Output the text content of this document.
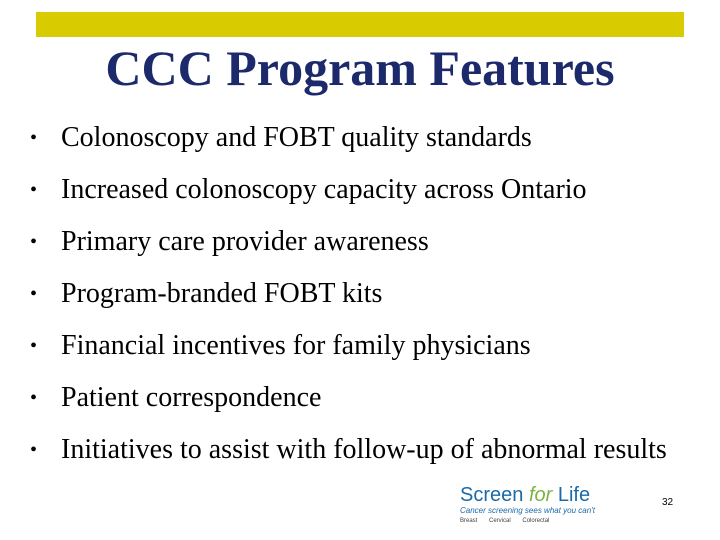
CCC Program Features
• Colonoscopy and FOBT quality standards
• Increased colonoscopy capacity across Ontario
• Primary care provider awareness
• Program-branded FOBT kits
• Financial incentives for family physicians
• Patient correspondence
• Initiatives to assist with follow-up of abnormal results
Screen for Life
Cancer screening sees what you can't
Breast Cervical Colorectal
32
